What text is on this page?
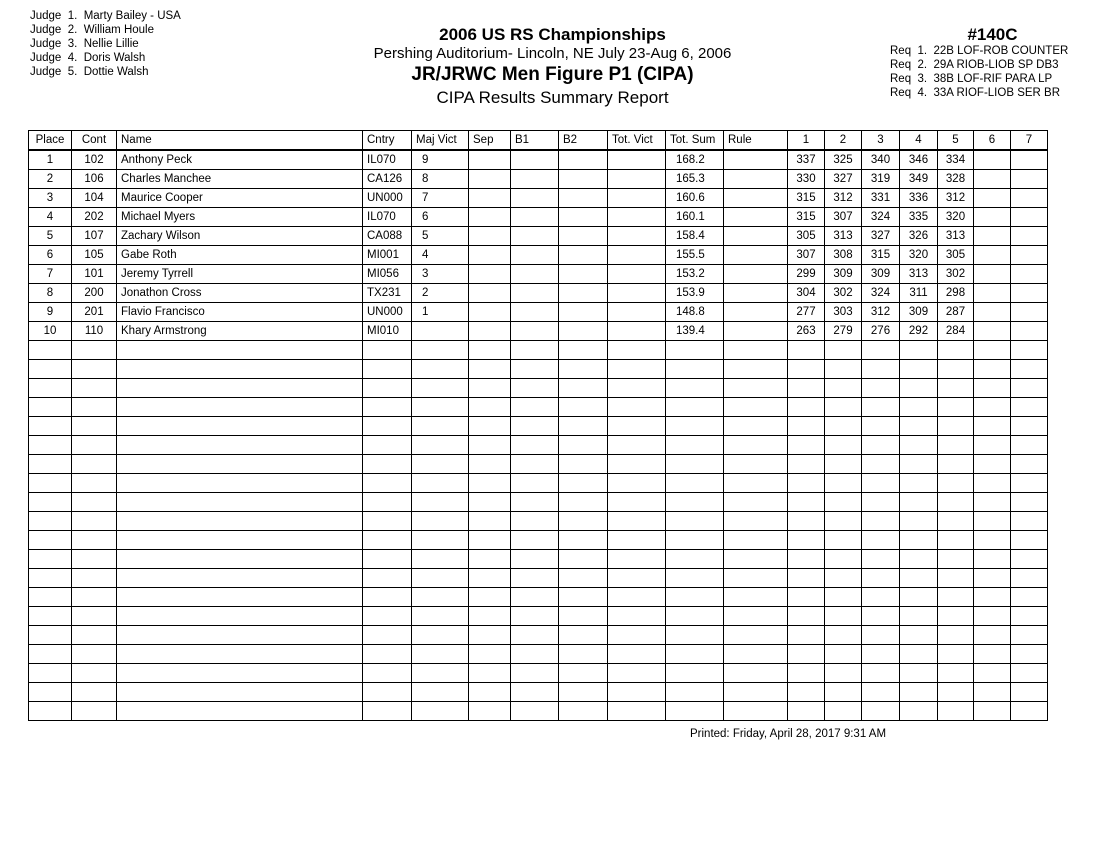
Judge  1.  Marty Bailey - USA
Judge  2.  William Houle
Judge  3.  Nellie Lillie
Judge  4.  Doris Walsh
Judge  5.  Dottie Walsh
2006 US RS Championships
Pershing Auditorium- Lincoln, NE July 23-Aug 6, 2006
JR/JRWC Men Figure P1 (CIPA)
CIPA Results Summary Report
#140C
Req  1.  22B LOF-ROB COUNTER
Req  2.  29A RIOB-LIOB SP DB3
Req  3.  38B LOF-RIF PARA LP
Req  4.  33A RIOF-LIOB SER BR
Place	Cont	Name	Cntry	Maj Vict	Sep	B1	B2	Tot. Vict	Tot. Sum	Rule	1	2	3	4	5	6	7
1	102	Anthony Peck	IL070	9					168.2		337	325	340	346	334		
2	106	Charles Manchee	CA126	8					165.3		330	327	319	349	328		
3	104	Maurice Cooper	UN000	7					160.6		315	312	331	336	312		
4	202	Michael Myers	IL070	6					160.1		315	307	324	335	320		
5	107	Zachary Wilson	CA088	5					158.4		305	313	327	326	313		
6	105	Gabe Roth	MI001	4					155.5		307	308	315	320	305		
7	101	Jeremy Tyrrell	MI056	3					153.2		299	309	309	313	302		
8	200	Jonathon Cross	TX231	2					153.9		304	302	324	311	298		
9	201	Flavio Francisco	UN000	1					148.8		277	303	312	309	287		
10	110	Khary Armstrong	MI010						139.4		263	279	276	292	284		

Printed: Friday, April 28, 2017 9:31 AM
